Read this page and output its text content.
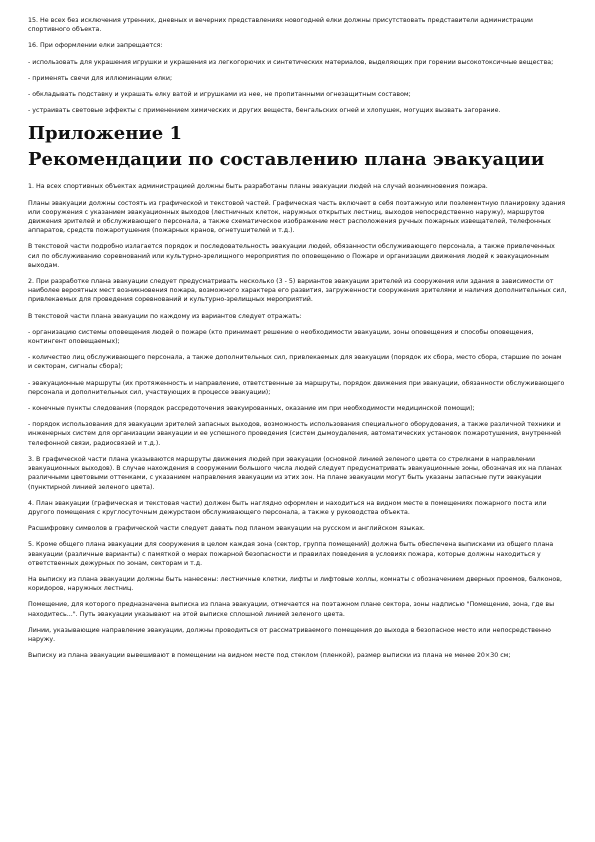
15. Не всех без исключения утренних, дневных и вечерних представлениях новогодней елки должны присутствовать представители администрации спортивного объекта.

16. При оформлении елки запрещается:

- использовать для украшения игрушки и украшения из легкогорючих и синтетических материалов, выделяющих при горении высокотоксичные вещества;

- применять свечи для иллюминации елки;

- обкладывать подставку и украшать елку ватой и игрушками из нее, не пропитанными огнезащитным составом;

- устраивать световые эффекты с применением химических и других веществ, бенгальских огней и хлопушек, могущих вызвать загорание.

Приложение 1
Рекомендации по составлению плана эвакуации

1. На всех спортивных объектах администрацией должны быть разработаны планы эвакуации людей на случай возникновения пожара.

Планы эвакуации должны состоять из графической и текстовой частей. Графическая часть включает в себя поэтажную или поэлементную планировку здания или сооружения с указанием эвакуационных выходов (лестничных клеток, наружных открытых лестниц, выходов непосредственно наружу), маршрутов движения зрителей и обслуживающего персонала, а также схематическое изображение мест расположения ручных пожарных извещателей, телефонных аппаратов, средств пожаротушения (пожарных кранов, огнетушителей и т.д.).

В текстовой части подробно излагается порядок и последовательность эвакуации людей, обязанности обслуживающего персонала, а также привлеченных сил по обслуживанию соревнований или культурно-зрелищного мероприятия по оповещению о Пожаре и организации движения людей к эвакуационным выходам.

2. При разработке плана эвакуации следует предусматривать несколько (3 - 5) вариантов эвакуации зрителей из сооружения или здания в зависимости от наиболее вероятных мест возникновения пожара, возможного характера его развития, загруженности сооружения зрителями и наличия дополнительных сил, привлекаемых для проведения соревнований и культурно-зрелищных мероприятий.

В текстовой части плана эвакуации по каждому из вариантов следует отражать:

- организацию системы оповещения людей о пожаре (кто принимает решение о необходимости эвакуации, зоны оповещения и способы оповещения, контингент оповещаемых);

- количество лиц обслуживающего персонала, а также дополнительных сил, привлекаемых для эвакуации (порядок их сбора, место сбора, старшие по зонам и секторам, сигналы сбора);

- эвакуационные маршруты (их протяженность и направление, ответственные за маршруты, порядок движения при эвакуации, обязанности обслуживающего персонала и дополнительных сил, участвующих в процессе эвакуации);

- конечные пункты следования (порядок рассредоточения эвакуированных, оказание им при необходимости медицинской помощи);

- порядок использования для эвакуации зрителей запасных выходов, возможность использования специального оборудования, а также различной техники и инженерных систем для организации эвакуации и ее успешного проведения (систем дымоудаления, автоматических установок пожаротушения, внутренней телефонной связи, радиосвязей и т.д.).

3. В графической части плана указываются маршруты движения людей при эвакуации (основной линией зеленого цвета со стрелками в направлении эвакуационных выходов). В случае нахождения в сооружении большого числа людей следует предусматривать эвакуационные зоны, обозначая их на планах различными цветовыми оттенками, с указанием направления эвакуации из этих зон. На плане эвакуации могут быть указаны запасные пути эвакуации (пунктирной линией зеленого цвета).

4. План эвакуации (графическая и текстовая части) должен быть наглядно оформлен и находиться на видном месте в помещениях пожарного поста или другого помещения с круглосуточным дежурством обслуживающего персонала, а также у руководства объекта.

Расшифровку символов в графической части следует давать под планом эвакуации на русском и английском языках.

5. Кроме общего плана эвакуации для сооружения в целом каждая зона (сектор, группа помещений) должна быть обеспечена выписками из общего плана эвакуации (различные варианты) с памяткой о мерах пожарной безопасности и правилах поведения в условиях пожара, которые должны находиться у ответственных дежурных по зонам, секторам и т.д.

На выписку из плана эвакуации должны быть нанесены: лестничные клетки, лифты и лифтовые холлы, комнаты с обозначением дверных проемов, балконов, коридоров, наружных лестниц.

Помещение, для которого предназначена выписка из плана эвакуации, отмечается на поэтажном плане сектора, зоны надписью "Помещение, зона, где вы находитесь...". Путь эвакуации указывают на этой выписке сплошной линией зеленого цвета.

Линии, указывающие направление эвакуации, должны проводиться от рассматриваемого помещения до выхода в безопасное место или непосредственно наружу.

Выписку из плана эвакуации вывешивают в помещении на видном месте под стеклом (пленкой), размер выписки из плана не менее 20×30 см;
